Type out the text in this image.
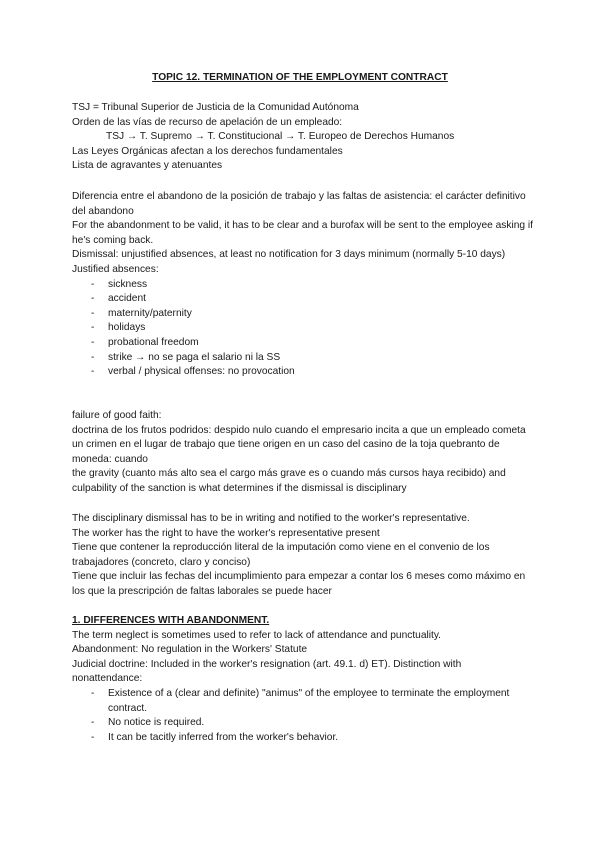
TOPIC 12. TERMINATION OF THE EMPLOYMENT CONTRACT

TSJ = Tribunal Superior de Justicia de la Comunidad Autónoma

Orden de las vías de recurso de apelación de un empleado:

TSJ → T. Supremo → T. Constitucional → T. Europeo de Derechos Humanos

Las Leyes Orgánicas afectan a los derechos fundamentales

Lista de agravantes y atenuantes

Diferencia entre el abandono de la posición de trabajo y las faltas de asistencia: el carácter definitivo del abandono

For the abandonment to be valid, it has to be clear and a burofax will be sent to the employee asking if he's coming back.

Dismissal: unjustified absences, at least no notification for 3 days minimum (normally 5-10 days)

Justified absences:

- sickness
- accident
- maternity/paternity
- holidays
- probational freedom
- strike → no se paga el salario ni la SS
- verbal / physical offenses: no provocation

failure of good faith:

doctrina de los frutos podridos: despido nulo cuando el empresario incita a que un empleado cometa un crimen en el lugar de trabajo que tiene origen en un caso del casino de la toja quebranto de moneda: cuando

the gravity (cuanto más alto sea el cargo más grave es o cuando más cursos haya recibido) and culpability of the sanction is what determines if the dismissal is disciplinary

The disciplinary dismissal has to be in writing and notified to the worker's representative.

The worker has the right to have the worker's representative present

Tiene que contener la reproducción literal de la imputación como viene en el convenio de los trabajadores (concreto, claro y conciso)

Tiene que incluir las fechas del incumplimiento para empezar a contar los 6 meses como máximo en los que la prescripción de faltas laborales se puede hacer

1. DIFFERENCES WITH ABANDONMENT.

The term neglect is sometimes used to refer to lack of attendance and punctuality.

Abandonment: No regulation in the Workers' Statute

Judicial doctrine: Included in the worker's resignation (art. 49.1. d) ET). Distinction with nonattendance:

- Existence of a (clear and definite) "animus" of the employee to terminate the employment contract.
- No notice is required.
- It can be tacitly inferred from the worker's behavior.
